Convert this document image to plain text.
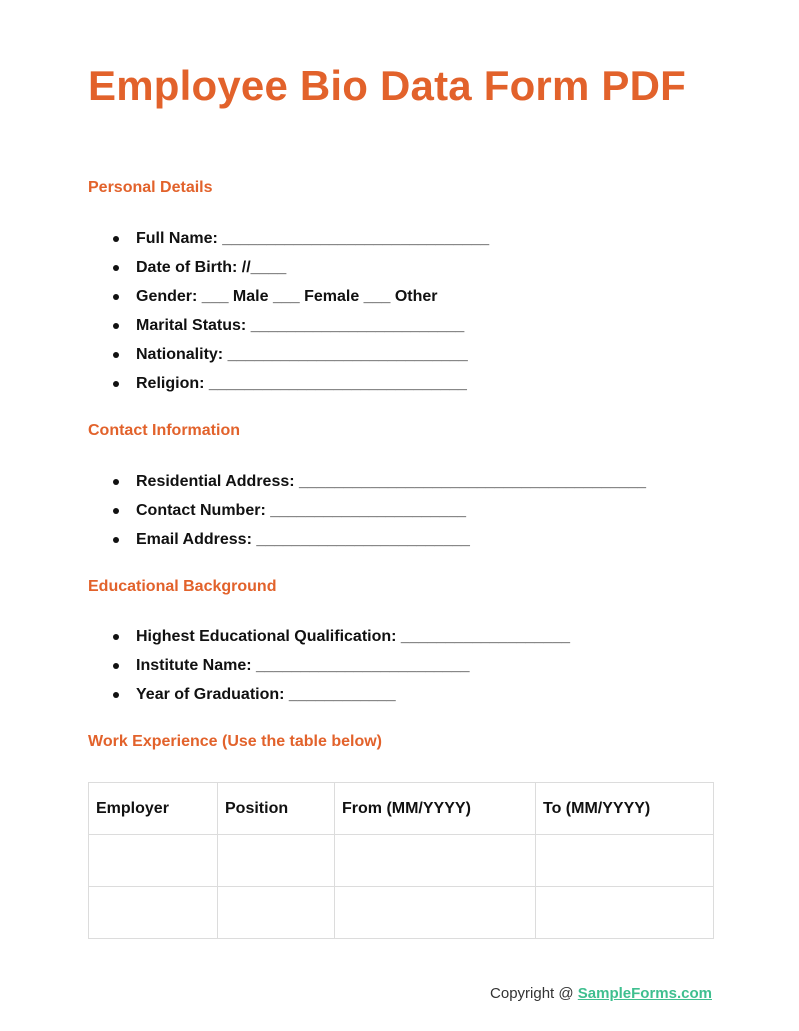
Employee Bio Data Form PDF
Personal Details
Full Name: ______________________________
Date of Birth: //____
Gender: ___ Male ___ Female ___ Other
Marital Status: ________________________
Nationality: ___________________________
Religion: _____________________________
Contact Information
Residential Address: _______________________________________
Contact Number: ______________________
Email Address: ________________________
Educational Background
Highest Educational Qualification: ___________________
Institute Name: ________________________
Year of Graduation: ____________
Work Experience (Use the table below)
Employer	Position	From (MM/YYYY)	To (MM/YYYY)

Copyright @ SampleForms.com
